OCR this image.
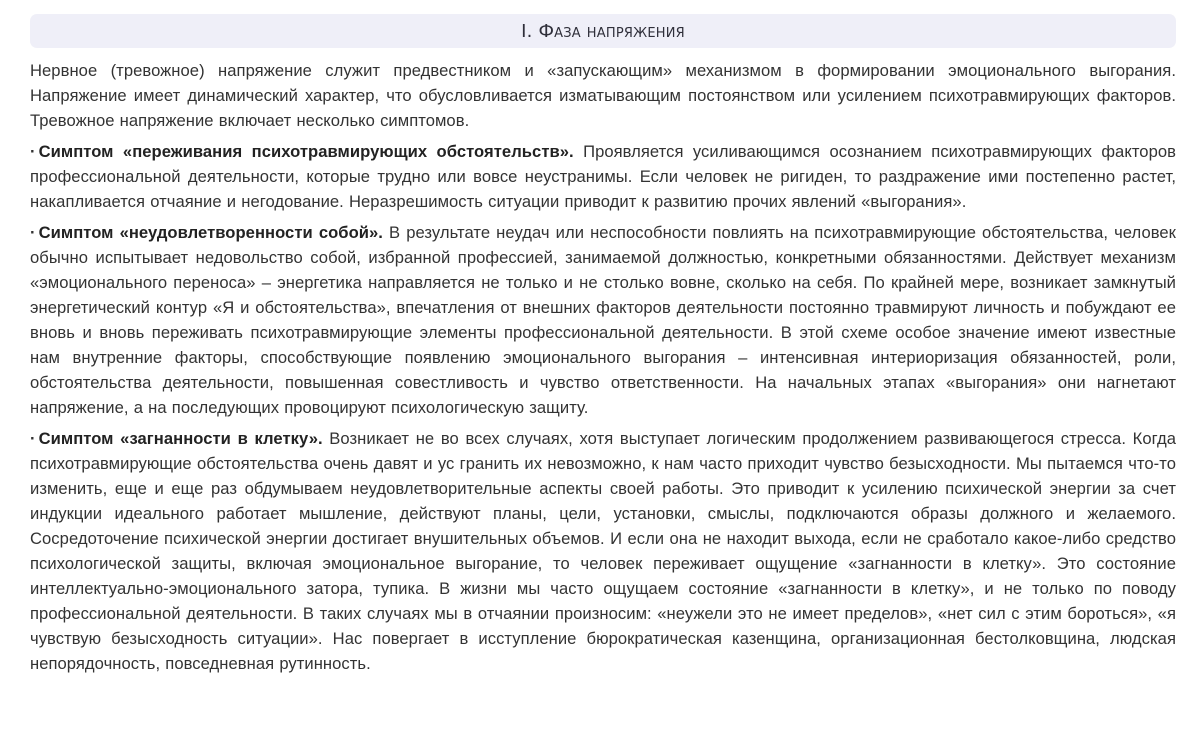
I. Фаза напряжения

Нервное (тревожное) напряжение служит предвестником и «запускающим» механизмом в формировании эмоционального выгорания. Напряжение имеет динамический характер, что обусловливается изматывающим постоянством или усилением психотравмирующих факторов. Тревожное напряжение включает несколько симптомов.

· Симптом «переживания психотравмирующих обстоятельств». Проявляется усиливающимся осознанием психотравмирующих факторов профессиональной деятельности, которые трудно или вовсе неустранимы. Если человек не ригиден, то раздражение ими постепенно растет, накапливается отчаяние и негодование. Неразрешимость ситуации приводит к развитию прочих явлений «выгорания».

· Симптом «неудовлетворенности собой». В результате неудач или неспособности повлиять на психотравмирующие обстоятельства, человек обычно испытывает недовольство собой, избранной профессией, занимаемой должностью, конкретными обязанностями. Действует механизм «эмоционального переноса» – энергетика направляется не только и не столько вовне, сколько на себя. По крайней мере, возникает замкнутый энергетический контур «Я и обстоятельства», впечатления от внешних факторов деятельности постоянно травмируют личность и побуждают ее вновь и вновь переживать психотравмирующие элементы профессиональной деятельности. В этой схеме особое значение имеют известные нам внутренние факторы, способствующие появлению эмоционального выгорания – интенсивная интериоризация обязанностей, роли, обстоятельства деятельности, повышенная совестливость и чувство ответственности. На начальных этапах «выгорания» они нагнетают напряжение, а на последующих провоцируют психологическую защиту.

· Симптом «загнанности в клетку». Возникает не во всех случаях, хотя выступает логическим продолжением развивающегося стресса. Когда психотравмирующие обстоятельства очень давят и ус гранить их невозможно, к нам часто приходит чувство безысходности. Мы пытаемся что-то изменить, еще и еще раз обдумываем неудовлетворительные аспекты своей работы. Это приводит к усилению психической энергии за счет индукции идеального работает мышление, действуют планы, цели, установки, смыслы, подключаются образы должного и желаемого. Сосредоточение психической энергии достигает внушительных объемов. И если она не находит выхода, если не сработало какое-либо средство психологической защиты, включая эмоциональное выгорание, то человек переживает ощущение «загнанности в клетку». Это состояние интеллектуально-эмоционального затора, тупика. В жизни мы часто ощущаем состояние «загнанности в клетку», и не только по поводу профессиональной деятельности. В таких случаях мы в отчаянии произносим: «неужели это не имеет пределов», «нет сил с этим бороться», «я чувствую безысходность ситуации». Нас повергает в исступление бюрократическая казенщина, организационная бестолковщина, людская непорядочность, повседневная рутинность.
